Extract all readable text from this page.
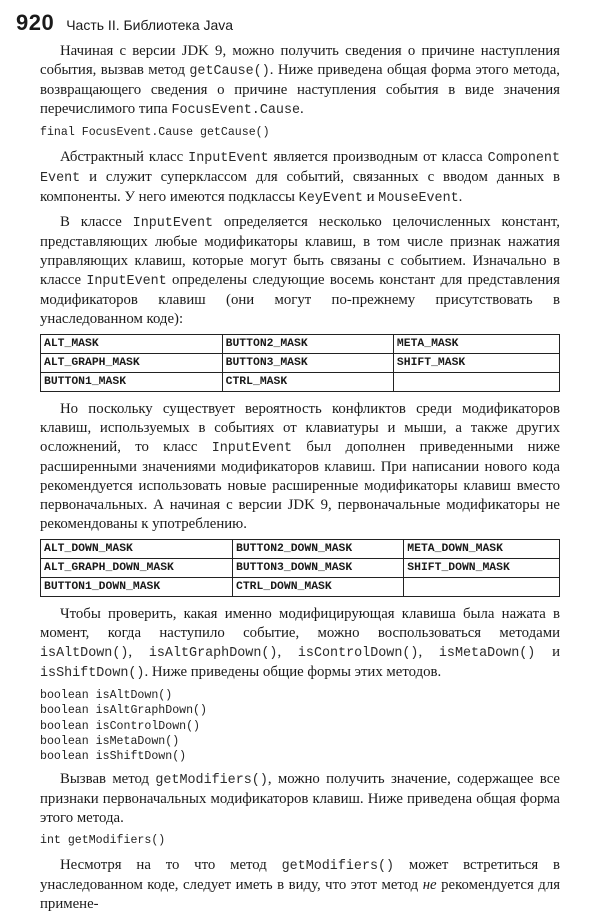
920 Часть II. Библиотека Java

Начиная с версии JDK 9, можно получить сведения о причине наступления события, вызвав метод getCause(). Ниже приведена общая форма этого метода, возвращающего сведения о причине наступления события в виде значения перечислимого типа FocusEvent.Cause.

final FocusEvent.Cause getCause()

Абстрактный класс InputEvent является производным от класса Component Event и служит суперклассом для событий, связанных с вводом данных в компоненты. У него имеются подклассы KeyEvent и MouseEvent.

В классе InputEvent определяется несколько целочисленных констант, представляющих любые модификаторы клавиш, в том числе признак нажатия управляющих клавиш, которые могут быть связаны с событием. Изначально в классе InputEvent определены следующие восемь констант для представления модификаторов клавиш (они могут по-прежнему присутствовать в унаследованном коде):

ALT_MASK	BUTTON2_MASK	META_MASK
ALT_GRAPH_MASK	BUTTON3_MASK	SHIFT_MASK
BUTTON1_MASK	CTRL_MASK	

Но поскольку существует вероятность конфликтов среди модификаторов клавиш, используемых в событиях от клавиатуры и мыши, а также других осложнений, то класс InputEvent был дополнен приведенными ниже расширенными значениями модификаторов клавиш. При написании нового кода рекомендуется использовать новые расширенные модификаторы клавиш вместо первоначальных. А начиная с версии JDK 9, первоначальные модификаторы не рекомендованы к употреблению.

ALT_DOWN_MASK	BUTTON2_DOWN_MASK	META_DOWN_MASK
ALT_GRAPH_DOWN_MASK	BUTTON3_DOWN_MASK	SHIFT_DOWN_MASK
BUTTON1_DOWN_MASK	CTRL_DOWN_MASK	

Чтобы проверить, какая именно модифицирующая клавиша была нажата в момент, когда наступило событие, можно воспользоваться методами isAltDown(), isAltGraphDown(), isControlDown(), isMetaDown() и isShiftDown(). Ниже приведены общие формы этих методов.

boolean isAltDown()
boolean isAltGraphDown()
boolean isControlDown()
boolean isMetaDown()
boolean isShiftDown()

Вызвав метод getModifiers(), можно получить значение, содержащее все признаки первоначальных модификаторов клавиш. Ниже приведена общая форма этого метода.

int getModifiers()

Несмотря на то что метод getModifiers() может встретиться в унаследованном коде, следует иметь в виду, что этот метод не рекомендуется для примене-
